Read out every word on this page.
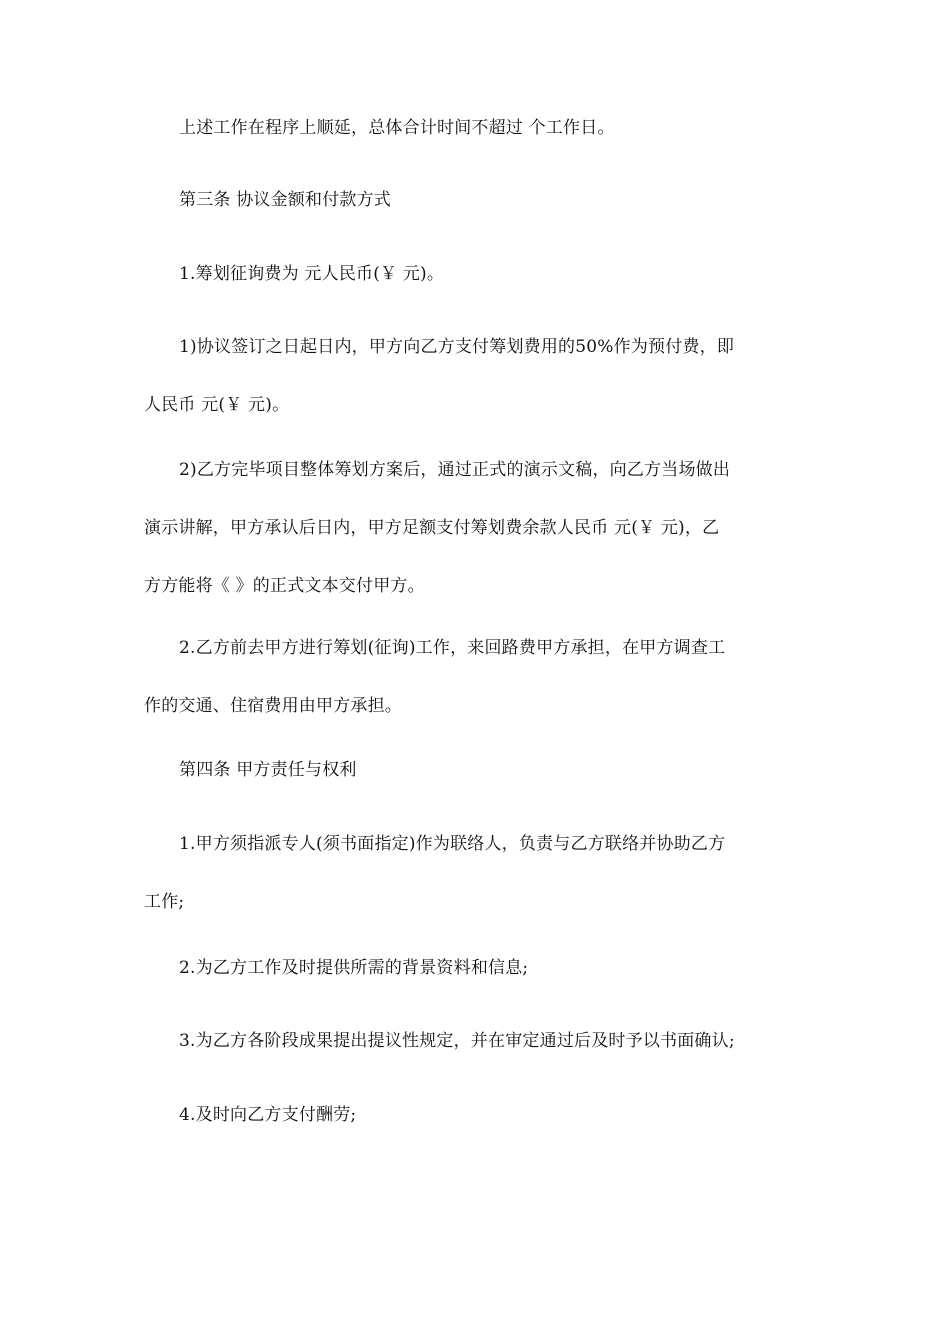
上述工作在程序上顺延，总体合计时间不超过 个工作日。
第三条 协议金额和付款方式
1.筹划征询费为 元人民币(￥ 元)。
1)协议签订之日起日内，甲方向乙方支付筹划费用的50%作为预付费，即
人民币 元(￥ 元)。
2)乙方完毕项目整体筹划方案后，通过正式的演示文稿，向乙方当场做出
演示讲解，甲方承认后日内，甲方足额支付筹划费余款人民币 元(￥ 元)，乙
方方能将《 》的正式文本交付甲方。
2.乙方前去甲方进行筹划(征询)工作，来回路费甲方承担，在甲方调查工
作的交通、住宿费用由甲方承担。
第四条 甲方责任与权利
1.甲方须指派专人(须书面指定)作为联络人，负责与乙方联络并协助乙方
工作;
2.为乙方工作及时提供所需的背景资料和信息;
3.为乙方各阶段成果提出提议性规定，并在审定通过后及时予以书面确认;
4.及时向乙方支付酬劳;
